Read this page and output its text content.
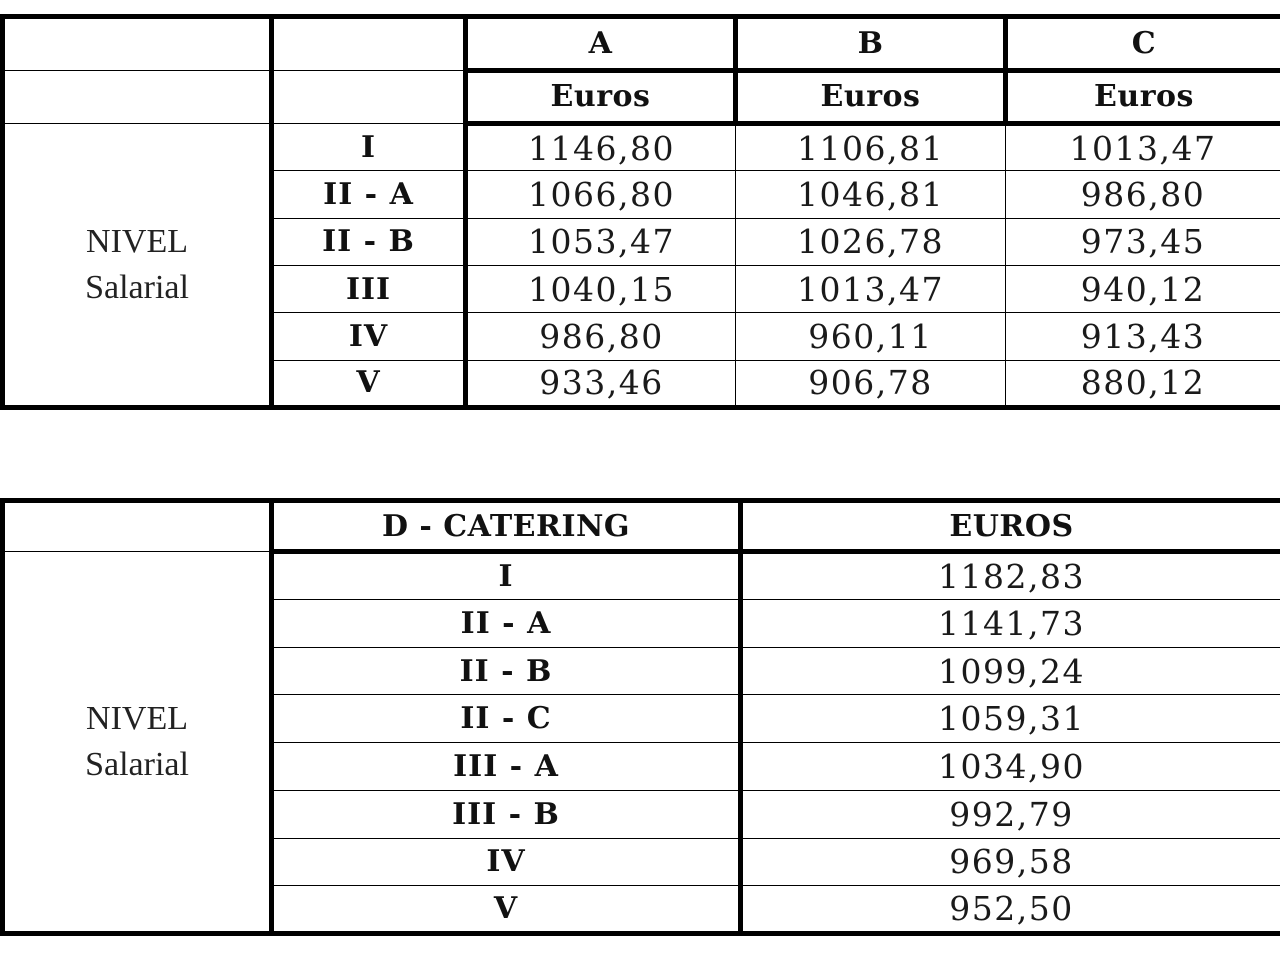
		A	B	C
		Euros	Euros	Euros

NIVEL
Salarial	I	1146,80	1106,81	1013,47
	II - A	1066,80	1046,81	986,80
	II - B	1053,47	1026,78	973,45
	III	1040,15	1013,47	940,12
	IV	986,80	960,11	913,43
	V	933,46	906,78	880,12
	D - CATERING	EUROS

NIVEL
Salarial	I	1182,83
	II - A	1141,73
	II - B	1099,24
	II - C	1059,31
	III - A	1034,90
	III - B	992,79
	IV	969,58
	V	952,50
